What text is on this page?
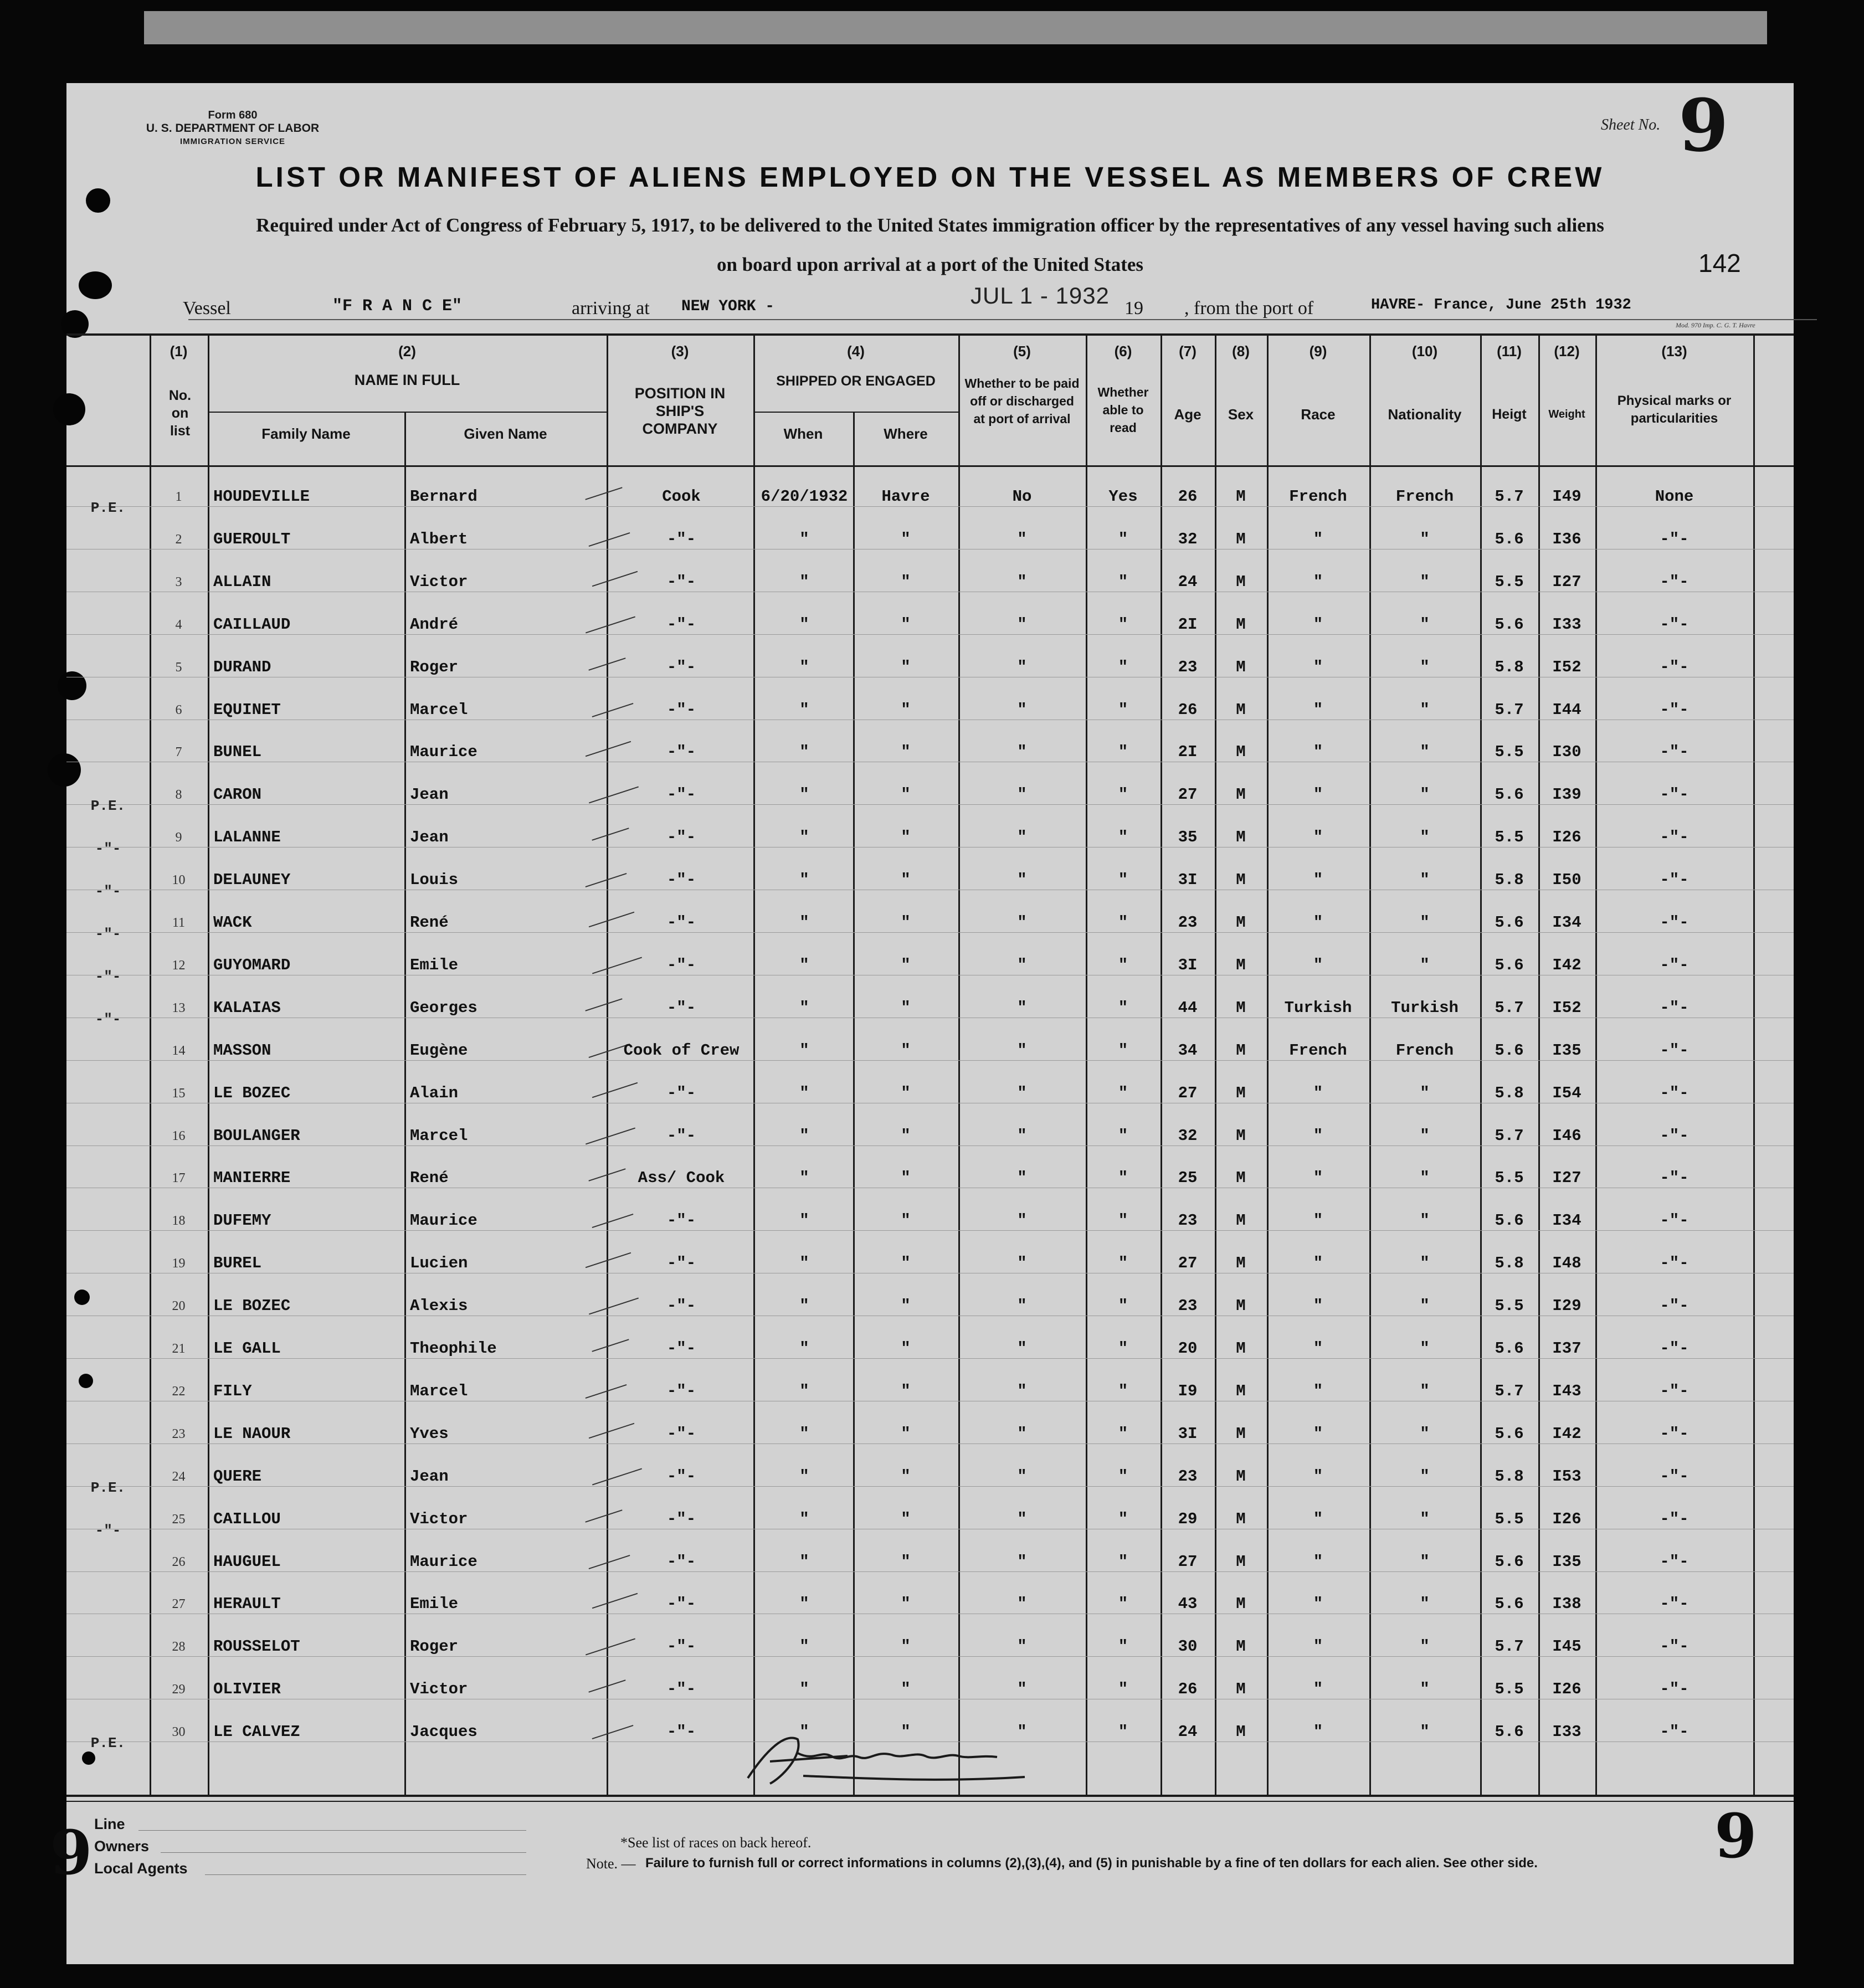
Form 680
U. S. DEPARTMENT OF LABOR
IMMIGRATION SERVICE
Sheet No. 9
LIST OR MANIFEST OF ALIENS EMPLOYED ON THE VESSEL AS MEMBERS OF CREW
Required under Act of Congress of February 5, 1917, to be delivered to the United States immigration officer by the representatives of any vessel having such aliens
on board upon arrival at a port of the United States	142
Vessel	"F R A N C E"	arriving at NEW YORK -	JUL 1 - 1932 19 , from the port of	HAVRE- France, June 25th 1932
Mod. 970 Imp. C. G. T. Havre
(1)
No. on list
(2)
NAME IN FULL
Family Name	Given Name
(3)
POSITION IN SHIP'S COMPANY
(4)
SHIPPED OR ENGAGED
When	Where
(5)
Whether to be paid off or discharged at port of arrival
(6)
Whether able to read
(7)
Age
(8)
Sex
(9)
Race
(10)
Nationality
(11)
Heigt
(12)
Weight
(13)
Physical marks or particularities
P.E.
1	HOUDEVILLE	Bernard	Cook	6/20/1932	Havre	No	Yes	26	M	French	French	5.7	I49	None
2	GUEROULT	Albert	-"-	"	"	"	"	32	M	"	"	5.6	I36	-"-
3	ALLAIN	Victor	-"-	"	"	"	"	24	M	"	"	5.5	I27	-"-
4	CAILLAUD	André	-"-	"	"	"	"	2I	M	"	"	5.6	I33	-"-
5	DURAND	Roger	-"-	"	"	"	"	23	M	"	"	5.8	I52	-"-
6	EQUINET	Marcel	-"-	"	"	"	"	26	M	"	"	5.7	I44	-"-
7	BUNEL	Maurice	-"-	"	"	"	"	2I	M	"	"	5.5	I30	-"-
P.E.
8	CARON	Jean	-"-	"	"	"	"	27	M	"	"	5.6	I39	-"-
-"-
9	LALANNE	Jean	-"-	"	"	"	"	35	M	"	"	5.5	I26	-"-
-"-
10	DELAUNEY	Louis	-"-	"	"	"	"	3I	M	"	"	5.8	I50	-"-
-"-
11	WACK	René	-"-	"	"	"	"	23	M	"	"	5.6	I34	-"-
-"-
12	GUYOMARD	Emile	-"-	"	"	"	"	3I	M	"	"	5.6	I42	-"-
-"-
13	KALAIAS	Georges	-"-	"	"	"	"	44	M	Turkish	Turkish	5.7	I52	-"-
14	MASSON	Eugène	Cook of Crew	"	"	"	"	34	M	French	French	5.6	I35	-"-
15	LE BOZEC	Alain	-"-	"	"	"	"	27	M	"	"	5.8	I54	-"-
16	BOULANGER	Marcel	-"-	"	"	"	"	32	M	"	"	5.7	I46	-"-
17	MANIERRE	René	Ass/ Cook	"	"	"	"	25	M	"	"	5.5	I27	-"-
18	DUFEMY	Maurice	-"-	"	"	"	"	23	M	"	"	5.6	I34	-"-
19	BUREL	Lucien	-"-	"	"	"	"	27	M	"	"	5.8	I48	-"-
20	LE BOZEC	Alexis	-"-	"	"	"	"	23	M	"	"	5.5	I29	-"-
21	LE GALL	Theophile	-"-	"	"	"	"	20	M	"	"	5.6	I37	-"-
22	FILY	Marcel	-"-	"	"	"	"	I9	M	"	"	5.7	I43	-"-
23	LE NAOUR	Yves	-"-	"	"	"	"	3I	M	"	"	5.6	I42	-"-
P.E.
24	QUERE	Jean	-"-	"	"	"	"	23	M	"	"	5.8	I53	-"-
-"-
25	CAILLOU	Victor	-"-	"	"	"	"	29	M	"	"	5.5	I26	-"-
26	HAUGUEL	Maurice	-"-	"	"	"	"	27	M	"	"	5.6	I35	-"-
27	HERAULT	Emile	-"-	"	"	"	"	43	M	"	"	5.6	I38	-"-
28	ROUSSELOT	Roger	-"-	"	"	"	"	30	M	"	"	5.7	I45	-"-
29	OLIVIER	Victor	-"-	"	"	"	"	26	M	"	"	5.5	I26	-"-
P.E.
30	LE CALVEZ	Jacques	-"-	"	"	"	"	24	M	"	"	5.6	I33	-"-
9	9
Line
Owners
Local Agents
*See list of races on back hereof.
Note. — Failure to furnish full or correct informations in columns (2),(3),(4), and (5) in punishable by a fine of ten dollars for each alien. See other side.
